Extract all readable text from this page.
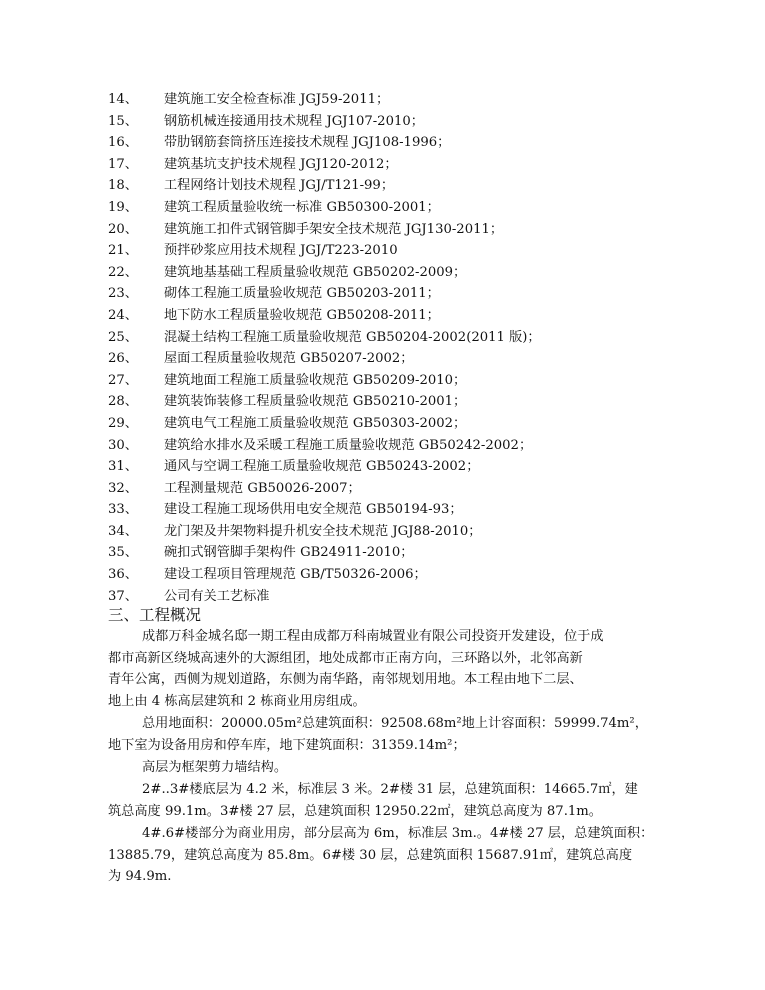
14、 建筑施工安全检查标准 JGJ59-2011；
15、 钢筋机械连接通用技术规程 JGJ107-2010；
16、 带肋钢筋套筒挤压连接技术规程 JGJ108-1996；
17、 建筑基坑支护技术规程 JGJ120-2012；
18、 工程网络计划技术规程 JGJ/T121-99；
19、 建筑工程质量验收统一标准 GB50300-2001；
20、 建筑施工扣件式钢管脚手架安全技术规范 JGJ130-2011；
21、 预拌砂浆应用技术规程 JGJ/T223-2010
22、 建筑地基基础工程质量验收规范 GB50202-2009；
23、 砌体工程施工质量验收规范 GB50203-2011；
24、 地下防水工程质量验收规范 GB50208-2011；
25、 混凝土结构工程施工质量验收规范 GB50204-2002(2011 版)；
26、 屋面工程质量验收规范 GB50207-2002；
27、 建筑地面工程施工质量验收规范 GB50209-2010；
28、 建筑装饰装修工程质量验收规范 GB50210-2001；
29、 建筑电气工程施工质量验收规范 GB50303-2002；
30、 建筑给水排水及采暖工程施工质量验收规范 GB50242-2002；
31、 通风与空调工程施工质量验收规范 GB50243-2002；
32、 工程测量规范 GB50026-2007；
33、 建设工程施工现场供用电安全规范 GB50194-93；
34、 龙门架及井架物料提升机安全技术规范 JGJ88-2010；
35、 碗扣式钢管脚手架构件 GB24911-2010；
36、 建设工程项目管理规范 GB/T50326-2006；
37、 公司有关工艺标准
三、工程概况
成都万科金城名邸一期工程由成都万科南城置业有限公司投资开发建设，位于成
都市高新区绕城高速外的大源组团，地处成都市正南方向，三环路以外，北邻高新
青年公寓，西侧为规划道路，东侧为南华路，南邻规划用地。本工程由地下二层、
地上由 4 栋高层建筑和 2 栋商业用房组成。
总用地面积：20000.05m²总建筑面积：92508.68m²地上计容面积：59999.74m²，
地下室为设备用房和停车库，地下建筑面积：31359.14m²；
高层为框架剪力墙结构。
2#..3#楼底层为 4.2 米，标准层 3 米。2#楼 31 层，总建筑面积：14665.7㎡，建
筑总高度 99.1m。3#楼 27 层，总建筑面积 12950.22㎡，建筑总高度为 87.1m。
4#.6#楼部分为商业用房，部分层高为 6m，标准层 3m.。4#楼 27 层，总建筑面积：
13885.79，建筑总高度为 85.8m。6#楼 30 层，总建筑面积 15687.91㎡，建筑总高度
为 94.9m.
